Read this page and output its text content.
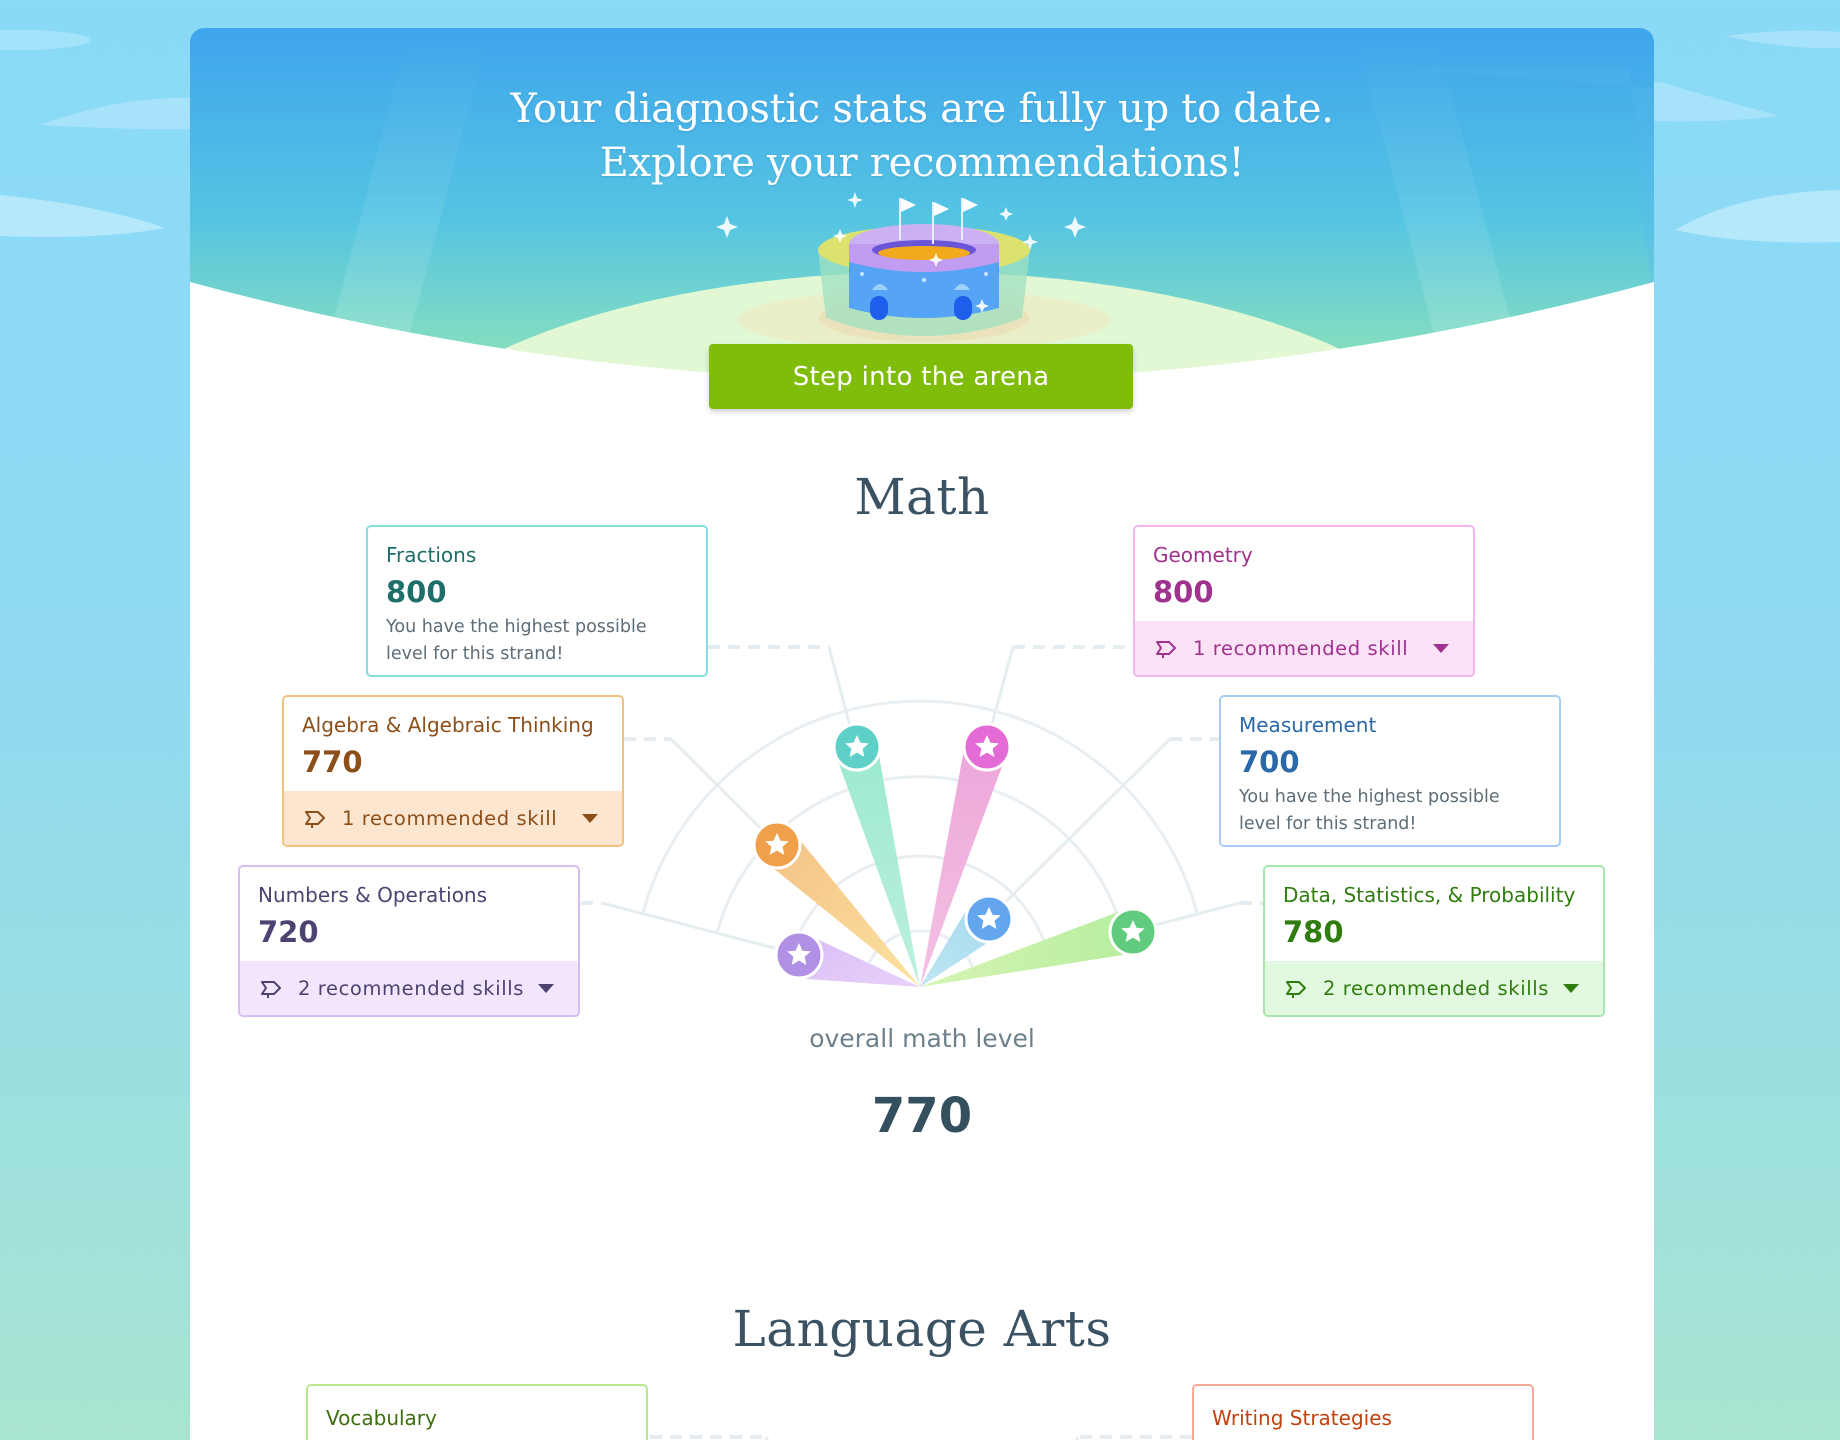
Your diagnostic stats are fully up to date.
Explore your recommendations!
Step into the arena
Math
Fractions
800
You have the highest possible level for this strand!
Algebra & Algebraic Thinking
770
1 recommended skill
Numbers & Operations
720
2 recommended skills
Geometry
800
1 recommended skill
Measurement
700
You have the highest possible level for this strand!
Data, Statistics, & Probability
780
2 recommended skills
overall math level
770
Language Arts
Vocabulary	Writing Strategies
